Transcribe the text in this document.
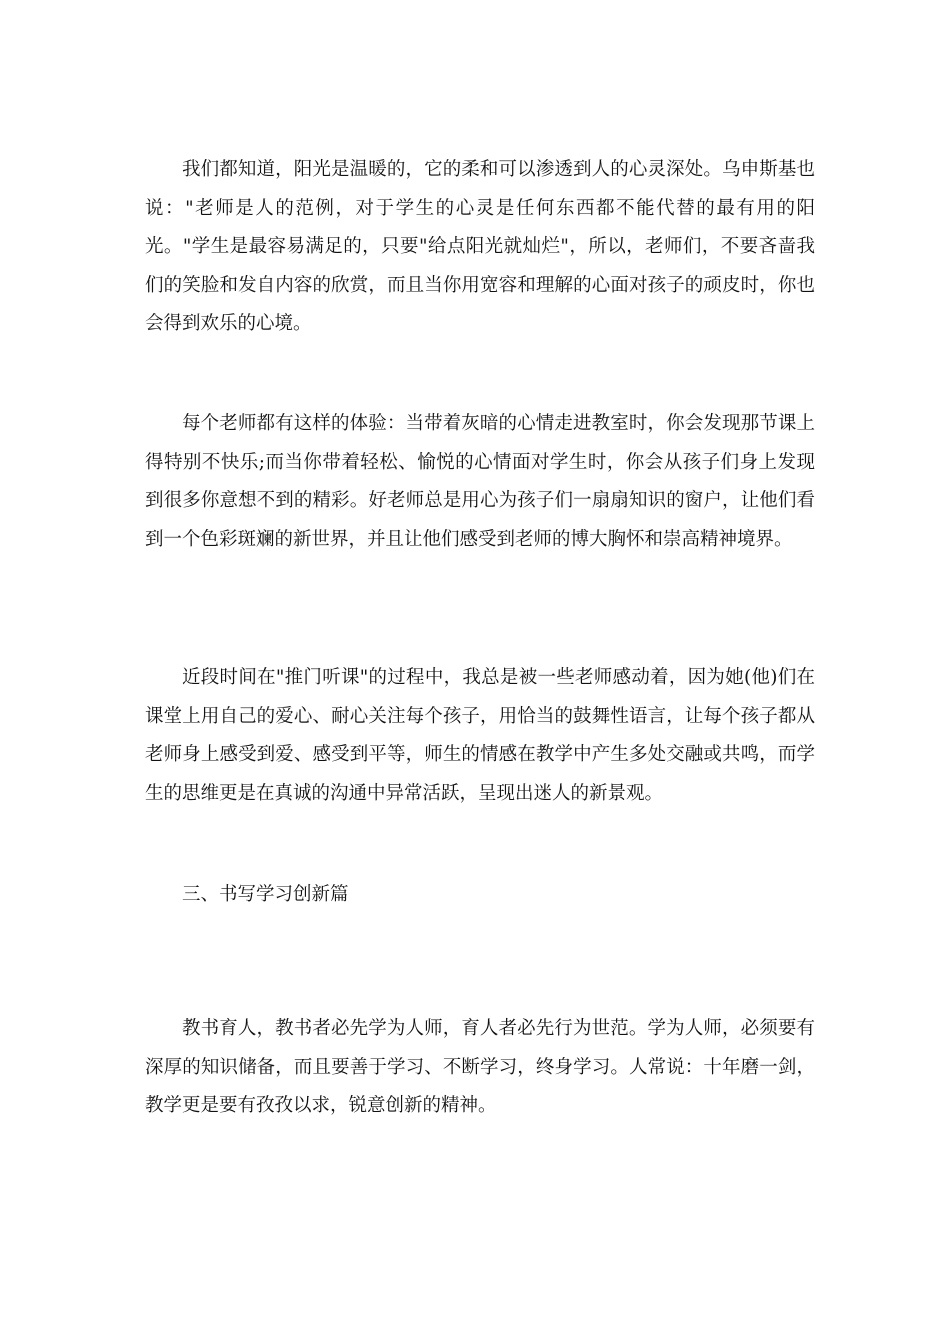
我们都知道，阳光是温暖的，它的柔和可以渗透到人的心灵深处。乌申斯基也说："老师是人的范例，对于学生的心灵是任何东西都不能代替的最有用的阳光。"学生是最容易满足的，只要"给点阳光就灿烂"，所以，老师们，不要吝啬我们的笑脸和发自内容的欣赏，而且当你用宽容和理解的心面对孩子的顽皮时，你也会得到欢乐的心境。

每个老师都有这样的体验：当带着灰暗的心情走进教室时，你会发现那节课上得特别不快乐;而当你带着轻松、愉悦的心情面对学生时，你会从孩子们身上发现到很多你意想不到的精彩。好老师总是用心为孩子们一扇扇知识的窗户，让他们看到一个色彩斑斓的新世界，并且让他们感受到老师的博大胸怀和崇高精神境界。

近段时间在"推门听课"的过程中，我总是被一些老师感动着，因为她(他)们在课堂上用自己的爱心、耐心关注每个孩子，用恰当的鼓舞性语言，让每个孩子都从老师身上感受到爱、感受到平等，师生的情感在教学中产生多处交融或共鸣，而学生的思维更是在真诚的沟通中异常活跃，呈现出迷人的新景观。

三、书写学习创新篇

教书育人，教书者必先学为人师，育人者必先行为世范。学为人师，必须要有深厚的知识储备，而且要善于学习、不断学习，终身学习。人常说：十年磨一剑，教学更是要有孜孜以求，锐意创新的精神。
